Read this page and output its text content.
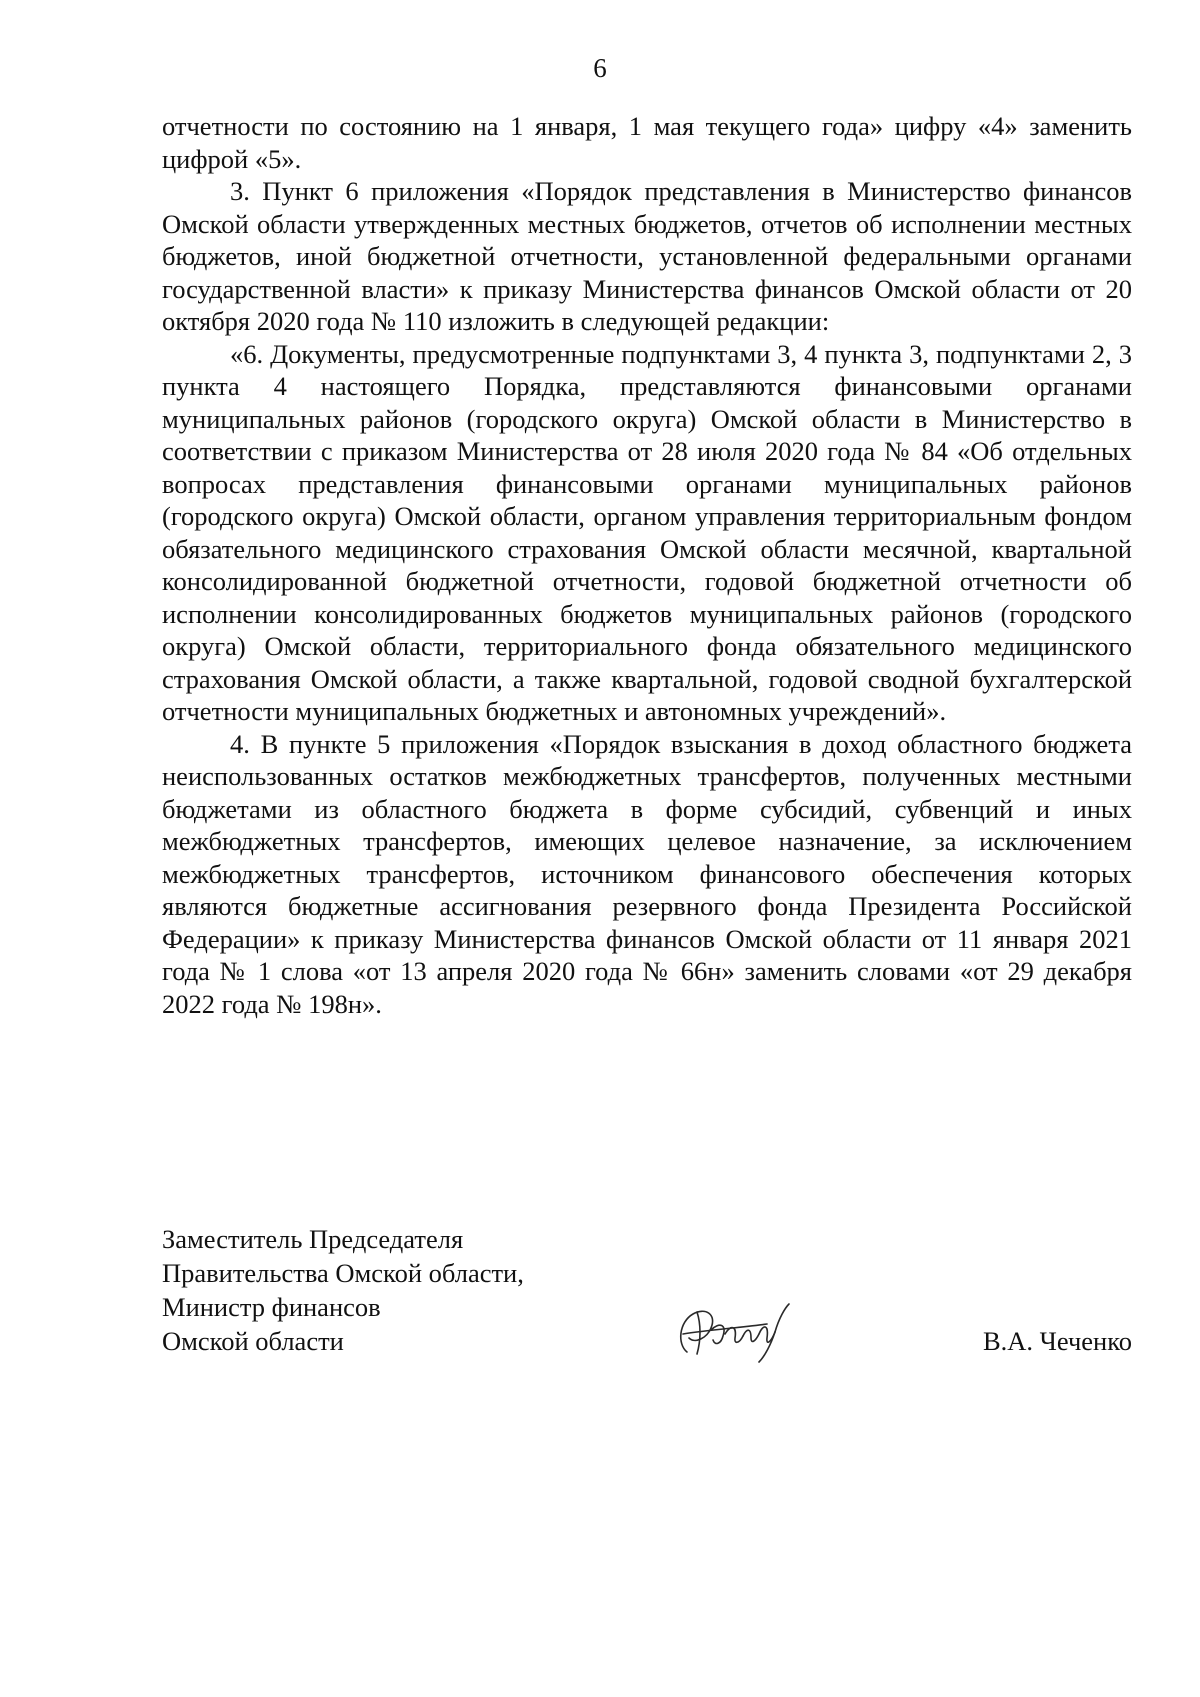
6

отчетности по состоянию на 1 января, 1 мая текущего года» цифру «4» заменить цифрой «5».

3. Пункт 6 приложения «Порядок представления в Министерство финансов Омской области утвержденных местных бюджетов, отчетов об исполнении местных бюджетов, иной бюджетной отчетности, установленной федеральными органами государственной власти» к приказу Министерства финансов Омской области от 20 октября 2020 года № 110 изложить в следующей редакции:

«6. Документы, предусмотренные подпунктами 3, 4 пункта 3, подпунктами 2, 3 пункта 4 настоящего Порядка, представляются финансовыми органами муниципальных районов (городского округа) Омской области в Министерство в соответствии с приказом Министерства от 28 июля 2020 года № 84 «Об отдельных вопросах представления финансовыми органами муниципальных районов (городского округа) Омской области, органом управления территориальным фондом обязательного медицинского страхования Омской области месячной, квартальной консолидированной бюджетной отчетности, годовой бюджетной отчетности об исполнении консолидированных бюджетов муниципальных районов (городского округа) Омской области, территориального фонда обязательного медицинского страхования Омской области, а также квартальной, годовой сводной бухгалтерской отчетности муниципальных бюджетных и автономных учреждений».

4. В пункте 5 приложения «Порядок взыскания в доход областного бюджета неиспользованных остатков межбюджетных трансфертов, полученных местными бюджетами из областного бюджета в форме субсидий, субвенций и иных межбюджетных трансфертов, имеющих целевое назначение, за исключением межбюджетных трансфертов, источником финансового обеспечения которых являются бюджетные ассигнования резервного фонда Президента Российской Федерации» к приказу Министерства финансов Омской области от 11 января 2021 года № 1 слова «от 13 апреля 2020 года № 66н» заменить словами «от 29 декабря 2022 года № 198н».

Заместитель Председателя
Правительства Омской области,
Министр финансов
Омской области	В.А. Чеченко
